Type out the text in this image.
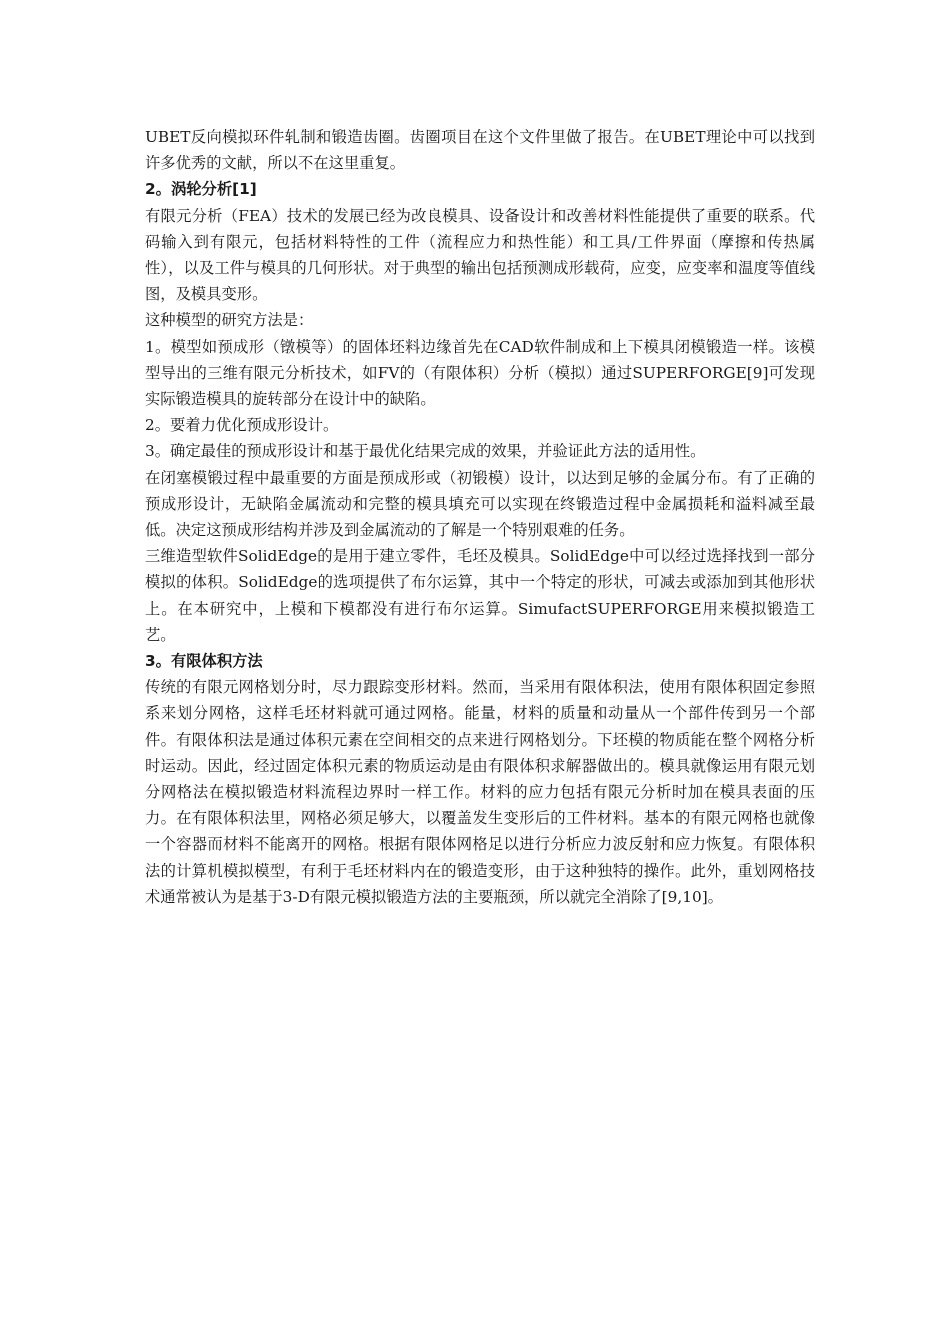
UBET反向模拟环件轧制和锻造齿圈。齿圈项目在这个文件里做了报告。在UBET理论中可以找到许多优秀的文献，所以不在这里重复。

2。涡轮分析[1]

有限元分析（FEA）技术的发展已经为改良模具、设备设计和改善材料性能提供了重要的联系。代码输入到有限元，包括材料特性的工件（流程应力和热性能）和工具/工件界面（摩擦和传热属性），以及工件与模具的几何形状。对于典型的输出包括预测成形载荷，应变，应变率和温度等值线图，及模具变形。

这种模型的研究方法是：

1。模型如预成形（镦模等）的固体坯料边缘首先在CAD软件制成和上下模具闭模锻造一样。该模型导出的三维有限元分析技术，如FV的（有限体积）分析（模拟）通过SUPERFORGE[9]可发现实际锻造模具的旋转部分在设计中的缺陷。

2。要着力优化预成形设计。

3。确定最佳的预成形设计和基于最优化结果完成的效果，并验证此方法的适用性。

在闭塞模锻过程中最重要的方面是预成形或（初锻模）设计，以达到足够的金属分布。有了正确的预成形设计，无缺陷金属流动和完整的模具填充可以实现在终锻造过程中金属损耗和溢料减至最低。决定这预成形结构并涉及到金属流动的了解是一个特别艰难的任务。

三维造型软件SolidEdge的是用于建立零件，毛坯及模具。SolidEdge中可以经过选择找到一部分模拟的体积。SolidEdge的选项提供了布尔运算，其中一个特定的形状，可减去或添加到其他形状上。在本研究中，上模和下模都没有进行布尔运算。SimufactSUPERFORGE用来模拟锻造工艺。

3。有限体积方法

传统的有限元网格划分时，尽力跟踪变形材料。然而，当采用有限体积法，使用有限体积固定参照系来划分网格，这样毛坯材料就可通过网格。能量，材料的质量和动量从一个部件传到另一个部件。有限体积法是通过体积元素在空间相交的点来进行网格划分。下坯模的物质能在整个网格分析时运动。因此，经过固定体积元素的物质运动是由有限体积求解器做出的。模具就像运用有限元划分网格法在模拟锻造材料流程边界时一样工作。材料的应力包括有限元分析时加在模具表面的压力。在有限体积法里，网格必须足够大，以覆盖发生变形后的工件材料。基本的有限元网格也就像一个容器而材料不能离开的网格。根据有限体网格足以进行分析应力波反射和应力恢复。有限体积法的计算机模拟模型，有利于毛坯材料内在的锻造变形，由于这种独特的操作。此外，重划网格技术通常被认为是基于3-D有限元模拟锻造方法的主要瓶颈，所以就完全消除了[9,10]。
